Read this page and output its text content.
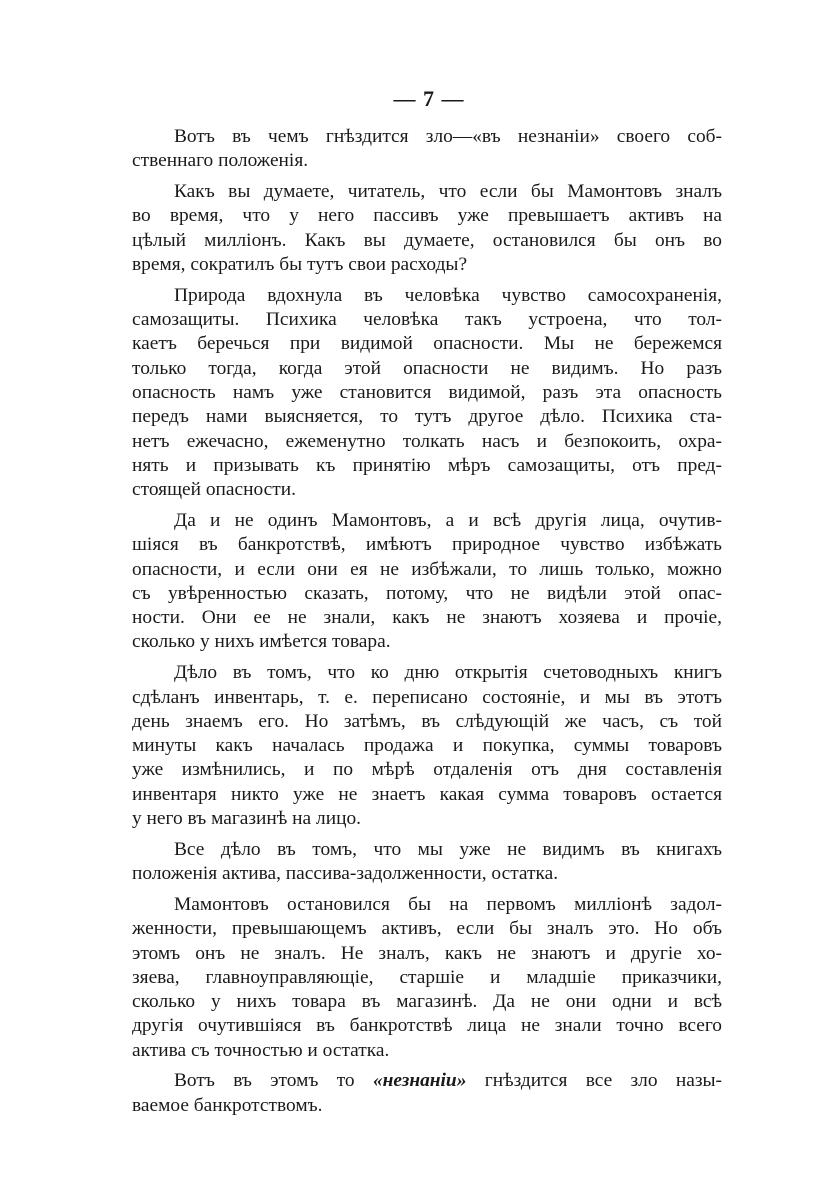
— 7 —
Вотъ въ чемъ гнѣздится зло—«въ незнаніи» своего соб-
ственнаго положенія.
Какъ вы думаете, читатель, что если бы Мамонтовъ зналъ
во время, что у него пассивъ уже превышаетъ активъ на
цѣлый милліонъ. Какъ вы думаете, остановился бы онъ во
время, сократилъ бы тутъ свои расходы?
Природа вдохнула въ человѣка чувство самосохраненія,
самозащиты. Психика человѣка такъ устроена, что тол-
каетъ беречься при видимой опасности. Мы не бережемся
только тогда, когда этой опасности не видимъ. Но разъ
опасность намъ уже становится видимой, разъ эта опасность
передъ нами выясняется, то тутъ другое дѣло. Психика ста-
нетъ ежечасно, ежеменутно толкать насъ и безпокоить, охра-
нять и призывать къ принятію мѣръ самозащиты, отъ пред-
стоящей опасности.
Да и не одинъ Мамонтовъ, а и всѣ другія лица, очутив-
шіяся въ банкротствѣ, имѣютъ природное чувство избѣжать
опасности, и если они ея не избѣжали, то лишь только, можно
съ увѣренностью сказать, потому, что не видѣли этой опас-
ности. Они ее не знали, какъ не знаютъ хозяева и прочіе,
сколько у нихъ имѣется товара.
Дѣло въ томъ, что ко дню открытія счетоводныхъ книгъ
сдѣланъ инвентарь, т. е. переписано состояніе, и мы въ этотъ
день знаемъ его. Но затѣмъ, въ слѣдующій же часъ, съ той
минуты какъ началась продажа и покупка, суммы товаровъ
уже измѣнились, и по мѣрѣ отдаленія отъ дня составленія
инвентаря никто уже не знаетъ какая сумма товаровъ остается
у него въ магазинѣ на лицо.
Все дѣло въ томъ, что мы уже не видимъ въ книгахъ
положенія актива, пассива-задолженности, остатка.
Мамонтовъ остановился бы на первомъ милліонѣ задол-
женности, превышающемъ активъ, если бы зналъ это. Но объ
этомъ онъ не зналъ. Не зналъ, какъ не знаютъ и другіе хо-
зяева, главноуправляющіе, старшіе и младшіе приказчики,
сколько у нихъ товара въ магазинѣ. Да не они одни и всѣ
другія очутившіяся въ банкротствѣ лица не знали точно всего
актива съ точностью и остатка.
Вотъ въ этомъ то «незнаніи» гнѣздится все зло назы-
ваемое банкротствомъ.
